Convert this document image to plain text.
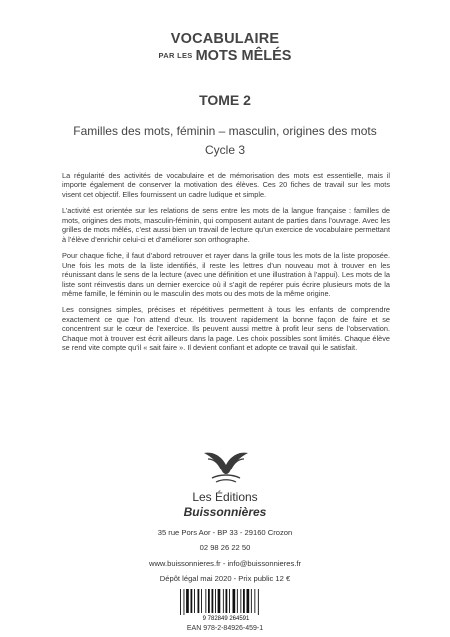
VOCABULAIRE
PAR LES MOTS MÊLÉS
TOME 2
Familles des mots, féminin – masculin, origines des mots
Cycle 3

La régularité des activités de vocabulaire et de mémorisation des mots est essentielle, mais il importe également de conserver la motivation des élèves. Ces 20 fiches de travail sur les mots visent cet objectif. Elles fournissent un cadre ludique et simple.

L’activité est orientée sur les relations de sens entre les mots de la langue française : familles de mots, origines des mots, masculin-féminin, qui composent autant de parties dans l’ouvrage. Avec les grilles de mots mêlés, c’est aussi bien un travail de lecture qu’un exercice de vocabulaire permettant à l’élève d’enrichir celui-ci et d’améliorer son orthographe.

Pour chaque fiche, il faut d’abord retrouver et rayer dans la grille tous les mots de la liste proposée. Une fois les mots de la liste identifiés, il reste les lettres d’un nouveau mot à trouver en les réunissant dans le sens de la lecture (avec une définition et une illustration à l’appui). Les mots de la liste sont réinvestis dans un dernier exercice où il s’agit de repérer puis écrire plusieurs mots de la même famille, le féminin ou le masculin des mots ou des mots de la même origine.

Les consignes simples, précises et répétitives permettent à tous les enfants de comprendre exactement ce que l’on attend d’eux. Ils trouvent rapidement la bonne façon de faire et se concentrent sur le cœur de l’exercice. Ils peuvent aussi mettre à profit leur sens de l’observation. Chaque mot à trouver est écrit ailleurs dans la page. Les choix possibles sont limités. Chaque élève se rend vite compte qu’il « sait faire ». Il devient confiant et adopte ce travail qui le satisfait.

Les Éditions
Buissonnières
35 rue Pors Aor - BP 33 - 29160 Crozon
02 98 26 22 50
www.buissonnieres.fr - info@buissonnieres.fr
Dépôt légal mai 2020 - Prix public 12 €
9 782849 264591
EAN 978-2-84926-459-1
